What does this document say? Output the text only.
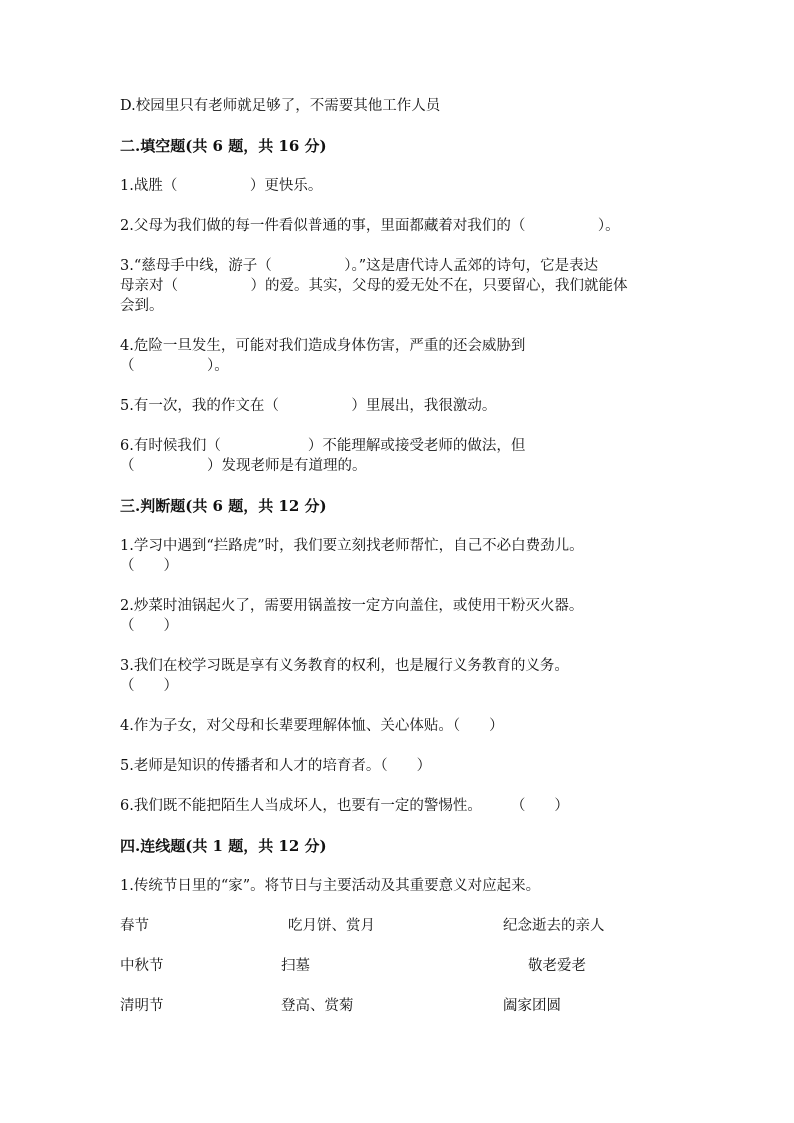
D.校园里只有老师就足够了，不需要其他工作人员
二.填空题(共 6 题，共 16 分)
1.战胜（　　　　　）更快乐。
2.父母为我们做的每一件看似普通的事，里面都藏着对我们的（　　　　　）。
3.“慈母手中线，游子（　　　　　）。”这是唐代诗人孟郊的诗句，它是表达
母亲对（　　　　　）的爱。其实，父母的爱无处不在，只要留心，我们就能体
会到。
4.危险一旦发生，可能对我们造成身体伤害，严重的还会威胁到
（　　　　　）。
5.有一次，我的作文在（　　　　　）里展出，我很激动。
6.有时候我们（　　　　　　）不能理解或接受老师的做法，但
（　　　　　）发现老师是有道理的。
三.判断题(共 6 题，共 12 分)
1.学习中遇到“拦路虎”时，我们要立刻找老师帮忙，自己不必白费劲儿。
（　　）
2.炒菜时油锅起火了，需要用锅盖按一定方向盖住，或使用干粉灭火器。
（　　）
3.我们在校学习既是享有义务教育的权利，也是履行义务教育的义务。
（　　）
4.作为子女，对父母和长辈要理解体恤、关心体贴。（　　）
5.老师是知识的传播者和人才的培育者。（　　）
6.我们既不能把陌生人当成坏人，也要有一定的警惕性。　　　（　　）
四.连线题(共 1 题，共 12 分)
1.传统节日里的“家”。将节日与主要活动及其重要意义对应起来。
春节	吃月饼、赏月	纪念逝去的亲人
中秋节	扫墓	敬老爱老
清明节	登高、赏菊	阖家团圆
